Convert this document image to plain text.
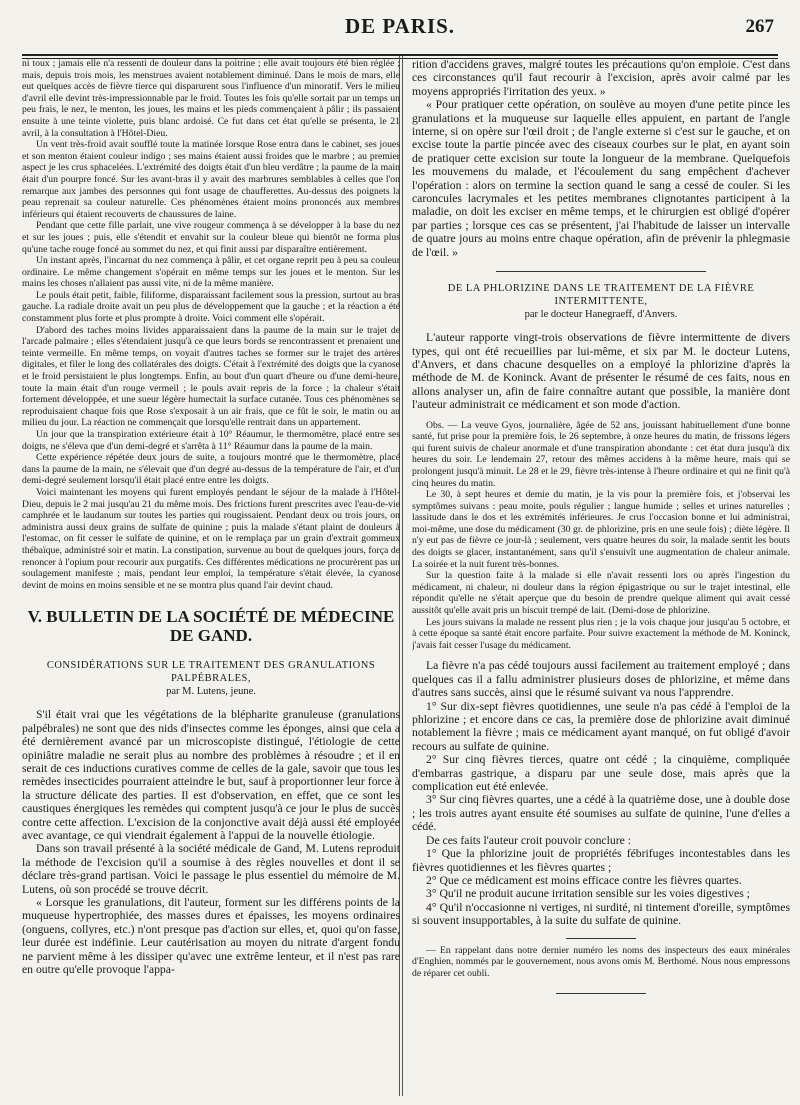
DE PARIS.	267

ni toux ; jamais elle n'a ressenti de douleur dans la poitrine ; elle avait toujours été bien réglée ; mais, depuis trois mois, les menstrues avaient notablement diminué. Dans le mois de mars, elle eut quelques accès de fièvre tierce qui disparurent sous l'influence d'un minoratif. Vers le milieu d'avril elle devint très-impressionnable par le froid. Toutes les fois qu'elle sortait par un temps un peu frais, le nez, le menton, les joues, les mains et les pieds commençaient à pâlir ; ils passaient ensuite à une teinte violette, puis blanc ardoisé. Ce fut dans cet état qu'elle se présenta, le 21 avril, à la consultation à l'Hôtel-Dieu.

Un vent très-froid avait soufflé toute la matinée lorsque Rose entra dans le cabinet, ses joues et son menton étaient couleur indigo ; ses mains étaient aussi froides que le marbre ; au premier aspect je les crus sphacelées. L'extrémité des doigts était d'un bleu verdâtre ; la paume de la main était d'un pourpre foncé. Sur les avant-bras il y avait des marbrures semblables à celles que l'on remarque aux jambes des personnes qui font usage de chaufferettes. Au-dessus des poignets la peau reprenait sa couleur naturelle. Ces phénomènes étaient moins prononcés aux membres inférieurs qui étaient recouverts de chaussures de laine.

Pendant que cette fille parlait, une vive rougeur commença à se développer à la base du nez et sur les joues ; puis, elle s'étendit et envahit sur la couleur bleue qui bientôt ne forma plus qu'une tache rouge foncé au sommet du nez, et qui finit aussi par disparaître entièrement.

Un instant après, l'incarnat du nez commença à pâlir, et cet organe reprit peu à peu sa couleur ordinaire. Le même changement s'opérait en même temps sur les joues et le menton. Sur les mains les choses n'allaient pas aussi vite, ni de la même manière.

Le pouls était petit, faible, filiforme, disparaissant facilement sous la pression, surtout au bras gauche. La radiale droite avait un peu plus de développement que la gauche ; et la réaction a été constamment plus forte et plus prompte à droite. Voici comment elle s'opérait.

D'abord des taches moins livides apparaissaient dans la paume de la main sur le trajet de l'arcade palmaire ; elles s'étendaient jusqu'à ce que leurs bords se rencontrassent et prenaient une teinte vermeille. En même temps, on voyait d'autres taches se former sur le trajet des artères digitales, et filer le long des collatérales des doigts. C'était à l'extrémité des doigts que la cyanose et le froid persistaient le plus longtemps. Enfin, au bout d'un quart d'heure ou d'une demi-heure, toute la main était d'un rouge vermeil ; le pouls avait repris de la force ; la chaleur s'était fortement développée, et une sueur légère humectait la surface cutanée. Tous ces phénomènes se reproduisaient chaque fois que Rose s'exposait à un air frais, que ce fût le soir, le matin ou au milieu du jour. La réaction ne commençait que lorsqu'elle rentrait dans un appartement.

Un jour que la transpiration extérieure était à 10° Réaumur, le thermomètre, placé entre ses doigts, ne s'éleva que d'un demi-degré et s'arrêta à 11° Réaumur dans la paume de la main.

Cette expérience répétée deux jours de suite, a toujours montré que le thermomètre, placé dans la paume de la main, ne s'élevait que d'un degré au-dessus de la température de l'air, et d'un demi-degré seulement lorsqu'il était placé entre entre les doigts.

Voici maintenant les moyens qui furent employés pendant le séjour de la malade à l'Hôtel-Dieu, depuis le 2 mai jusqu'au 21 du même mois. Des frictions furent prescrites avec l'eau-de-vie camphrée et le laudanum sur toutes les parties qui rougissaient. Pendant deux ou trois jours, on administra aussi deux grains de sulfate de quinine ; puis la malade s'étant plaint de douleurs à l'estomac, on fit cesser le sulfate de quinine, et on le remplaça par un grain d'extrait gommeux thébaïque, administré soir et matin. La constipation, survenue au bout de quelques jours, força de renoncer à l'opium pour recourir aux purgatifs. Ces différentes médications ne procurèrent pas un soulagement manifeste ; mais, pendant leur emploi, la température s'était élevée, la cyanose devint de moins en moins sensible et ne se montra plus quand l'air devint chaud.

V. BULLETIN DE LA SOCIÉTÉ DE MÉDECINE
DE GAND.
CONSIDÉRATIONS SUR LE TRAITEMENT DES GRANULATIONS PALPÉBRALES,
par M. Lutens, jeune.

S'il était vrai que les végétations de la blépharite granuleuse (granulations palpébrales) ne sont que des nids d'insectes comme les éponges, ainsi que cela a été dernièrement avancé par un microscopiste distingué, l'étiologie de cette opiniâtre maladie ne serait plus au nombre des problèmes à résoudre ; et il en serait de ces inductions curatives comme de celles de la gale, savoir que tous les remèdes insecticides pourraient atteindre le but, sauf à proportionner leur force à la structure délicate des parties. Il est d'observation, en effet, que ce sont les caustiques énergiques les remèdes qui comptent jusqu'à ce jour le plus de succès contre cette affection. L'excision de la conjonctive avait déjà aussi été employée avec avantage, ce qui viendrait également à l'appui de la nouvelle étiologie.

Dans son travail présenté à la société médicale de Gand, M. Lutens reproduit la méthode de l'excision qu'il a soumise à des règles nouvelles et dont il se déclare très-grand partisan. Voici le passage le plus essentiel du mémoire de M. Lutens, où son procédé se trouve décrit.

« Lorsque les granulations, dit l'auteur, forment sur les différens points de la muqueuse hypertrophiée, des masses dures et épaisses, les moyens ordinaires (onguens, collyres, etc.) n'ont presque pas d'action sur elles, et, quoi qu'on fasse, leur durée est indéfinie. Leur cautérisation au moyen du nitrate d'argent fondu ne parvient même à les dissiper qu'avec une extrême lenteur, et il n'est pas rare en outre qu'elle provoque l'appa-

rition d'accidens graves, malgré toutes les précautions qu'on emploie. C'est dans ces circonstances qu'il faut recourir à l'excision, après avoir calmé par les moyens appropriés l'irritation des yeux. »

« Pour pratiquer cette opération, on soulève au moyen d'une petite pince les granulations et la muqueuse sur laquelle elles appuient, en partant de l'angle interne, si on opère sur l'œil droit ; de l'angle externe si c'est sur le gauche, et on excise toute la partie pincée avec des ciseaux courbes sur le plat, en ayant soin de pratiquer cette excision sur toute la longueur de la membrane. Quelquefois les mouvemens du malade, et l'écoulement du sang empêchent d'achever l'opération : alors on termine la section quand le sang a cessé de couler. Si les caroncules lacrymales et les petites membranes clignotantes participent à la maladie, on doit les exciser en même temps, et le chirurgien est obligé d'opérer par parties ; lorsque ces cas se présentent, j'ai l'habitude de laisser un intervalle de quatre jours au moins entre chaque opération, afin de prévenir la phlegmasie de l'œil. »

DE LA PHLORIZINE DANS LE TRAITEMENT DE LA FIÈVRE INTERMITTENTE,
par le docteur Hanegraeff, d'Anvers.

L'auteur rapporte vingt-trois observations de fièvre intermittente de divers types, qui ont été recueillies par lui-même, et six par M. le docteur Lutens, d'Anvers, et dans chacune desquelles on a employé la phlorizine d'après la méthode de M. de Koninck. Avant de présenter le résumé de ces faits, nous en allons analyser un, afin de faire connaître autant que possible, la manière dont l'auteur administrait ce médicament et son mode d'action.

Obs. — La veuve Gyos, journalière, âgée de 52 ans, jouissant habituellement d'une bonne santé, fut prise pour la première fois, le 26 septembre, à onze heures du matin, de frissons légers qui furent suivis de chaleur anormale et d'une transpiration abondante : cet état dura jusqu'à dix heures du soir. Le lendemain 27, retour des mêmes accidens à la même heure, mais qui se prolongent jusqu'à minuit. Le 28 et le 29, fièvre très-intense à l'heure ordinaire et qui ne finit qu'à cinq heures du matin.

Le 30, à sept heures et demie du matin, je la vis pour la première fois, et j'observai les symptômes suivans : peau moite, pouls régulier ; langue humide ; selles et urines naturelles ; lassitude dans le dos et les extrémités inférieures. Je crus l'occasion bonne et lui administrai, moi-même, une dose du médicament (30 gr. de phlorizine, pris en une seule fois) ; diète légère. Il n'y eut pas de fièvre ce jour-là ; seulement, vers quatre heures du soir, la malade sentit les bouts des doigts se glacer, instantanément, sans qu'il s'ensuivît une augmentation de chaleur animale. La soirée et la nuit furent très-bonnes.

Sur la question faite à la malade si elle n'avait ressenti lors ou après l'ingestion du médicament, ni chaleur, ni douleur dans la région épigastrique ou sur le trajet intestinal, elle répondit qu'elle ne s'était aperçue que du besoin de prendre quelque aliment qui avait cessé aussitôt qu'elle avait pris un biscuit trempé de lait. (Demi-dose de phlorizine.

Les jours suivans la malade ne ressent plus rien ; je la vois chaque jour jusqu'au 5 octobre, et à cette époque sa santé était encore parfaite. Pour suivre exactement la méthode de M. Koninck, j'avais fait cesser l'usage du médicament.

La fièvre n'a pas cédé toujours aussi facilement au traitement employé ; dans quelques cas il a fallu administrer plusieurs doses de phlorizine, et même dans d'autres sans succès, ainsi que le résumé suivant va nous l'apprendre.

1° Sur dix-sept fièvres quotidiennes, une seule n'a pas cédé à l'emploi de la phlorizine ; et encore dans ce cas, la première dose de phlorizine avait diminué notablement la fièvre ; mais ce médicament ayant manqué, on fut obligé d'avoir recours au sulfate de quinine.

2° Sur cinq fièvres tierces, quatre ont cédé ; la cinquième, compliquée d'embarras gastrique, a disparu par une seule dose, mais après que la complication eut été enlevée.

3° Sur cinq fièvres quartes, une a cédé à la quatrième dose, une à double dose ; les trois autres ayant ensuite été soumises au sulfate de quinine, l'une d'elles a cédé.

De ces faits l'auteur croit pouvoir conclure :

1° Que la phlorizine jouit de propriétés fébrifuges incontestables dans les fièvres quotidiennes et les fièvres quartes ;

2° Que ce médicament est moins efficace contre les fièvres quartes.

3° Qu'il ne produit aucune irritation sensible sur les voies digestives ;

4° Qu'il n'occasionne ni vertiges, ni surdité, ni tintement d'oreille, symptômes si souvent insupportables, à la suite du sulfate de quinine.

— En rappelant dans notre dernier numéro les noms des inspecteurs des eaux minérales d'Enghien, nommés par le gouvernement, nous avons omis M. Berthomé. Nous nous empressons de réparer cet oubli.
